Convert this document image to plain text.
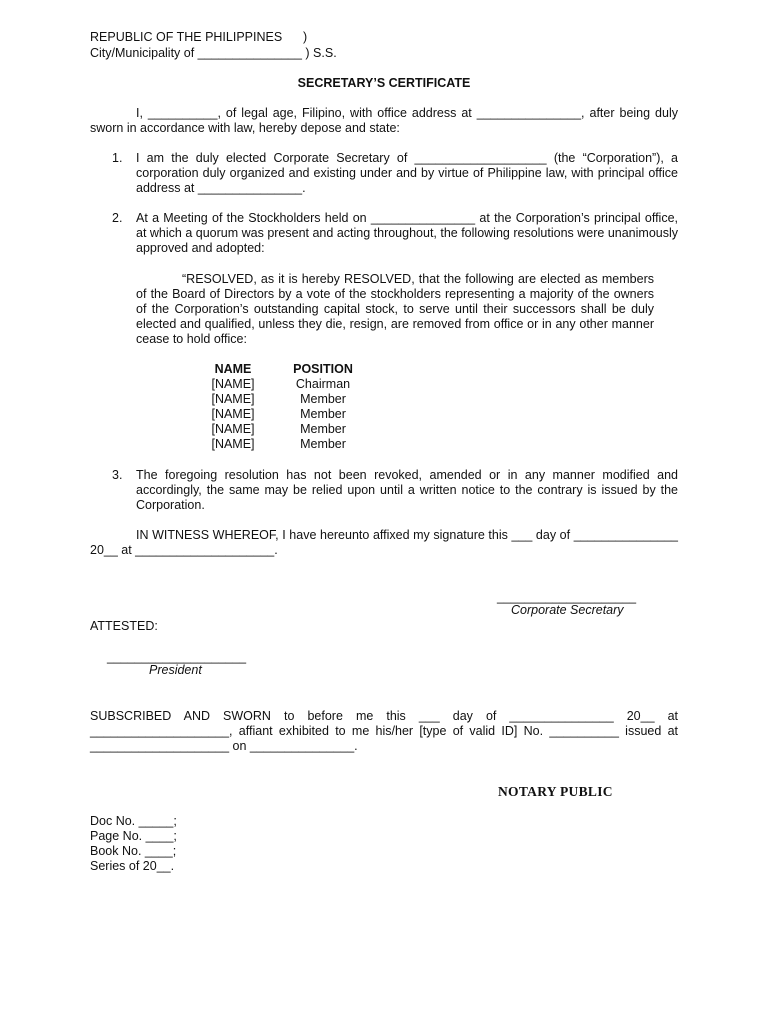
REPUBLIC OF THE PHILIPPINES      )
City/Municipality of _______________ ) S.S.
SECRETARY’S CERTIFICATE
I, __________, of legal age, Filipino, with office address at _______________, after being duly sworn in accordance with law, hereby depose and state:
1. I am the duly elected Corporate Secretary of ___________________ (the “Corporation”), a corporation duly organized and existing under and by virtue of Philippine law, with principal office address at _______________.
2. At a Meeting of the Stockholders held on _______________ at the Corporation’s principal office, at which a quorum was present and acting throughout, the following resolutions were unanimously approved and adopted:
“RESOLVED, as it is hereby RESOLVED, that the following are elected as members of the Board of Directors by a vote of the stockholders representing a majority of the owners of the Corporation’s outstanding capital stock, to serve until their successors shall be duly elected and qualified, unless they die, resign, are removed from office or in any other manner cease to hold office:
NAME		POSITION
[NAME]		Chairman
[NAME]		Member
[NAME]		Member
[NAME]		Member
[NAME]		Member
3. The foregoing resolution has not been revoked, amended or in any manner modified and accordingly, the same may be relied upon until a written notice to the contrary is issued by the Corporation.
IN WITNESS WHEREOF, I have hereunto affixed my signature this ___ day of _______________
20__ at ____________________.
____________________
Corporate Secretary
ATTESTED:
____________________
President
SUBSCRIBED AND SWORN to before me this ___ day of _______________ 20__ at ____________________, affiant exhibited to me his/her [type of valid ID] No. __________ issued at ____________________ on _______________.
NOTARY PUBLIC
Doc No. _____;
Page No. ____;
Book No. ____;
Series of 20__.
